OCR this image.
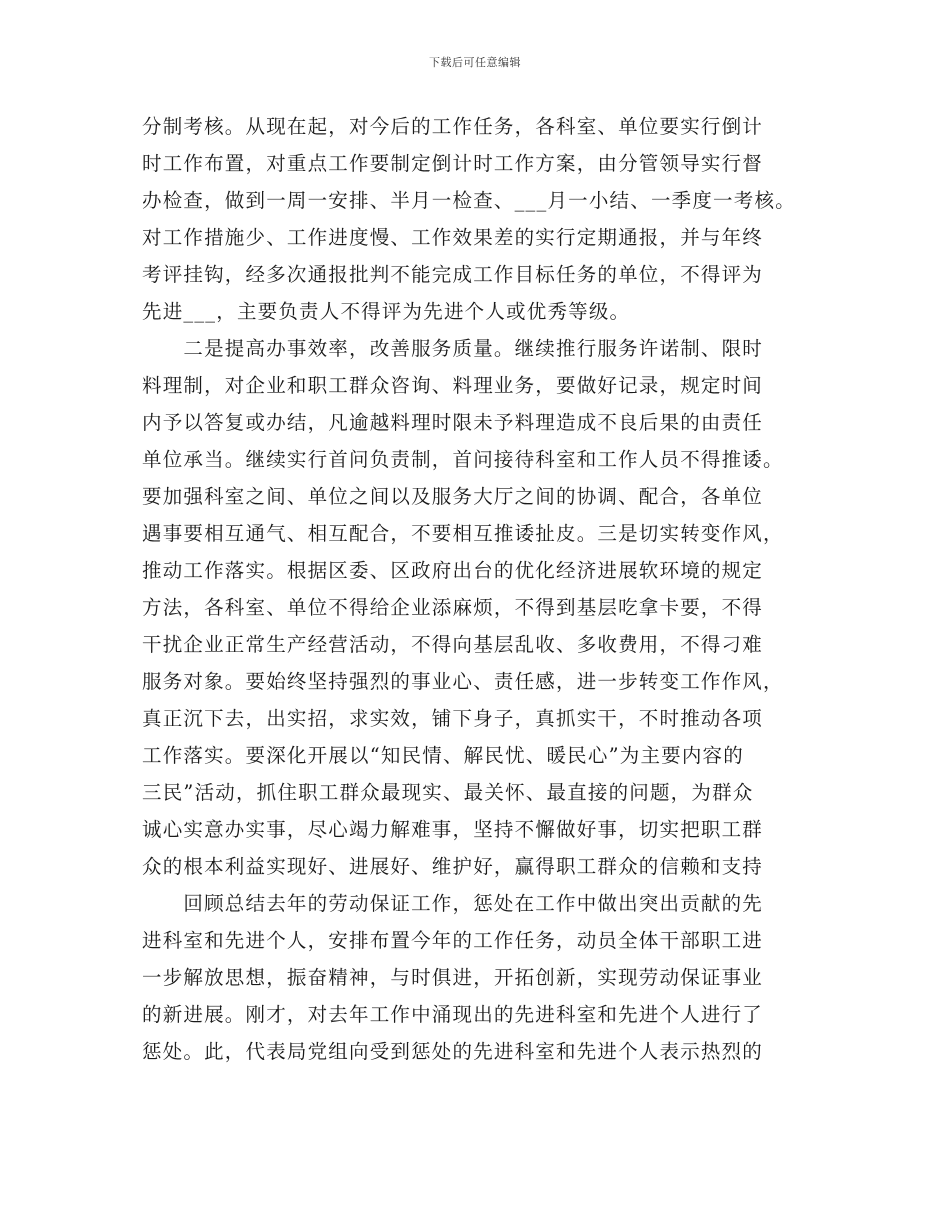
下载后可任意编辑
分制考核。从现在起，对今后的工作任务，各科室、单位要实行倒计
时工作布置，对重点工作要制定倒计时工作方案，由分管领导实行督
办检查，做到一周一安排、半月一检查、___月一小结、一季度一考核。
对工作措施少、工作进度慢、工作效果差的实行定期通报，并与年终
考评挂钩，经多次通报批判不能完成工作目标任务的单位，不得评为
先进___，主要负责人不得评为先进个人或优秀等级。
　　二是提高办事效率，改善服务质量。继续推行服务许诺制、限时
料理制，对企业和职工群众咨询、料理业务，要做好记录，规定时间
内予以答复或办结，凡逾越料理时限未予料理造成不良后果的由责任
单位承当。继续实行首问负责制，首问接待科室和工作人员不得推诿。
要加强科室之间、单位之间以及服务大厅之间的协调、配合，各单位
遇事要相互通气、相互配合，不要相互推诿扯皮。三是切实转变作风，
推动工作落实。根据区委、区政府出台的优化经济进展软环境的规定
方法，各科室、单位不得给企业添麻烦，不得到基层吃拿卡要，不得
干扰企业正常生产经营活动，不得向基层乱收、多收费用，不得刁难
服务对象。要始终坚持强烈的事业心、责任感，进一步转变工作作风，
真正沉下去，出实招，求实效，铺下身子，真抓实干，不时推动各项
工作落实。要深化开展以“知民情、解民忧、暖民心”为主要内容的
三民”活动，抓住职工群众最现实、最关怀、最直接的问题，为群众
诚心实意办实事，尽心竭力解难事，坚持不懈做好事，切实把职工群
众的根本利益实现好、进展好、维护好，赢得职工群众的信赖和支持
　　回顾总结去年的劳动保证工作，惩处在工作中做出突出贡献的先
进科室和先进个人，安排布置今年的工作任务，动员全体干部职工进
一步解放思想，振奋精神，与时俱进，开拓创新，实现劳动保证事业
的新进展。刚才，对去年工作中涌现出的先进科室和先进个人进行了
惩处。此，代表局党组向受到惩处的先进科室和先进个人表示热烈的
